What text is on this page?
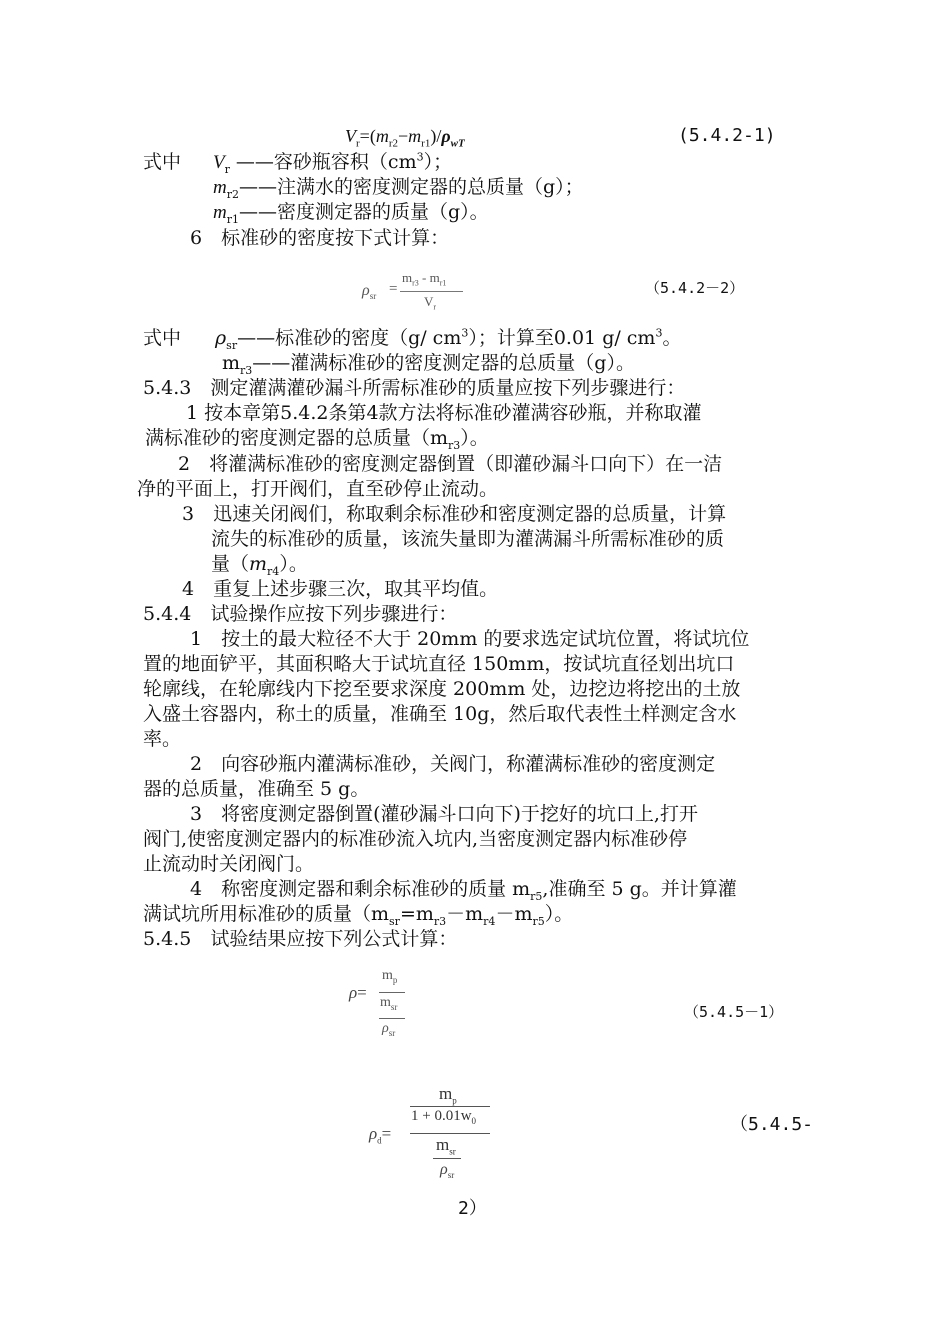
$V_r=(m_{r2}-m_{r1})/\rho_{wT}$	(5.4.2-1)
式中 $V_r$ ——容砂瓶容积$(cm^3)$；
$m_{r2}——$注满水的密度测定器的总质量（g）；
$m_{r1}——$密度测定器的质量（g）。
6　标准砂的密度按下式计算：
$\rho_{sr}$ =
$m_{r3} - m_{r1}$
$V_r$
（5.4.2－2）
式中 $\rho_{sr}——$标准砂的密度（g/ $cm^3$）；计算至0.01 g/ $cm^3$。
$m_{r3}——$灌满标准砂的密度测定器的总质量（g）。
5.4.3　测定灌满灌砂漏斗所需标准砂的质量应按下列步骤进行：
1 按本章第5.4.2条第4款方法将标准砂灌满容砂瓶，并称取灌
满标准砂的密度测定器的总质量$(m_{r3})$。
2　将灌满标准砂的密度测定器倒置（即灌砂漏斗口向下）在一洁
净的平面上，打开阀们，直至砂停止流动。
3　迅速关闭阀们，称取剩余标准砂和密度测定器的总质量，计算
流失的标准砂的质量，该流失量即为灌满漏斗所需标准砂的质
量$(m_{r4})$。
4　重复上述步骤三次，取其平均值。
5.4.4　试验操作应按下列步骤进行：
1　按土的最大粒径不大于 20mm 的要求选定试坑位置，将试坑位
置的地面铲平，其面积略大于试坑直径 150mm，按试坑直径划出坑口
轮廓线，在轮廓线内下挖至要求深度 200mm 处，边挖边将挖出的土放
入盛土容器内，称土的质量，准确至 10g，然后取代表性土样测定含水
率。
2　向容砂瓶内灌满标准砂，关阀门，称灌满标准砂的密度测定
器的总质量，准确至 5 g。
3　将密度测定器倒置(灌砂漏斗口向下)于挖好的坑口上,打开
阀门,使密度测定器内的标准砂流入坑内,当密度测定器内标准砂停
止流动时关闭阀门。
4　称密度测定器和剩余标准砂的质量 $m_{r5}$,准确至 5 g。并计算灌
满试坑所用标准砂的质量$(m_{sr}=m_{r3}-m_{r4}-m_{r5})$。
5.4.5　试验结果应按下列公式计算：
ρ=
$m_p$
$m_{sr}$
$\rho_{sr}$
（5.4.5－1）
$\rho_d=$
$m_p$
$1 + 0.01w_0$
$m_{sr}$
$\rho_{sr}$
（5.4.5-
2）
